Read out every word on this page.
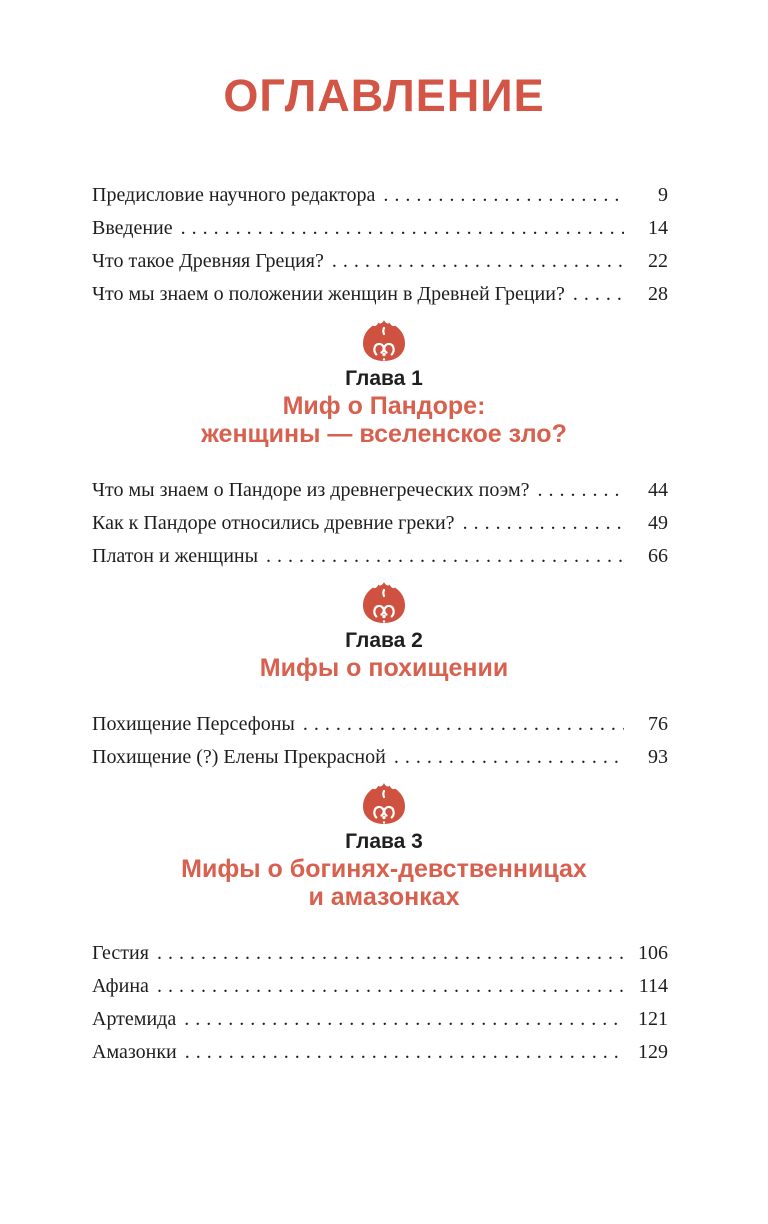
ОГЛАВЛЕНИЕ
Предисловие научного редактора .....	9
Введение .....	14
Что такое Древняя Греция? .....	22
Что мы знаем о положении женщин в Древней Греции? .....	28
Глава 1
Миф о Пандоре:
женщины — вселенское зло?
Что мы знаем о Пандоре из древнегреческих поэм? .....	44
Как к Пандоре относились древние греки? .....	49
Платон и женщины .....	66
Глава 2
Мифы о похищении
Похищение Персефоны .....	76
Похищение (?) Елены Прекрасной .....	93
Глава 3
Мифы о богинях-девственницах
и амазонках
Гестия .....	106
Афина .....	114
Артемида .....	121
Амазонки .....	129
